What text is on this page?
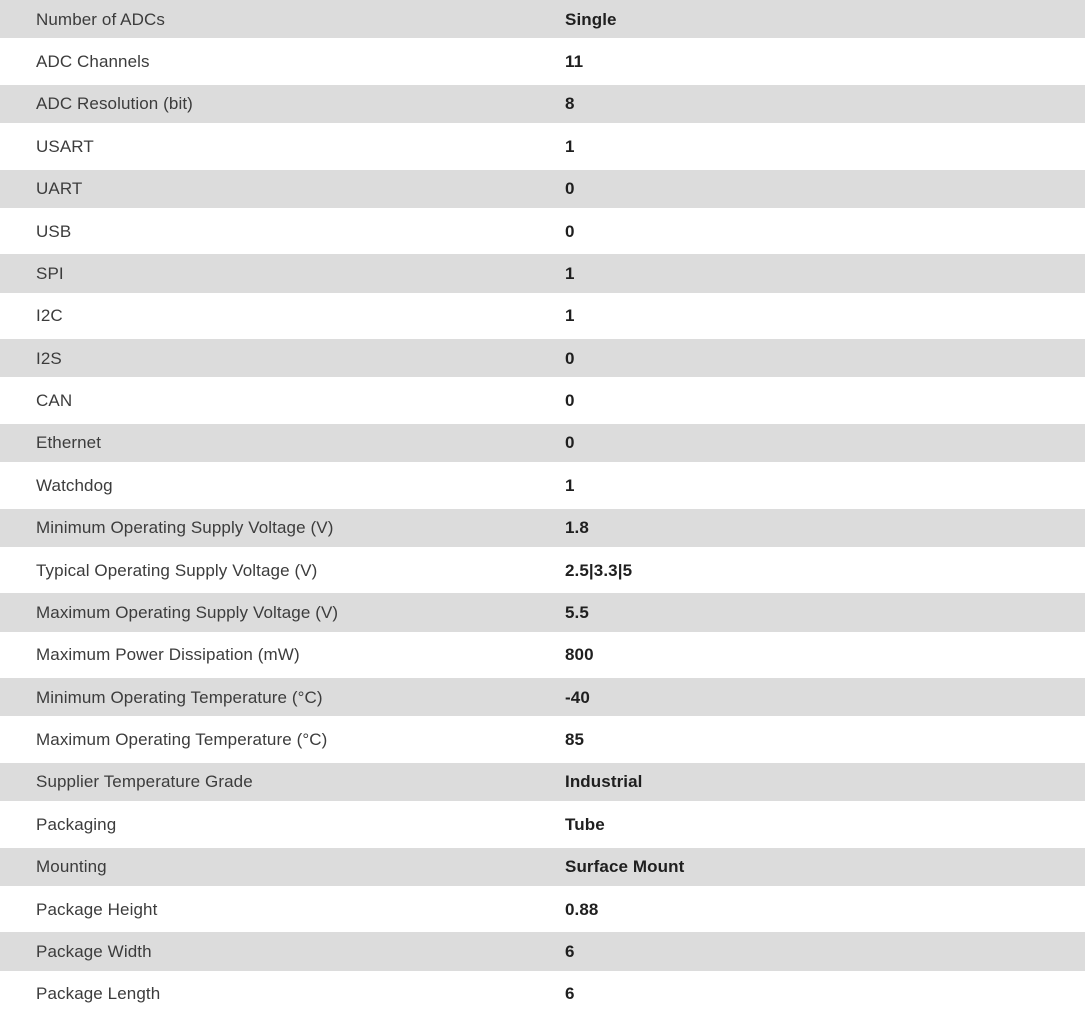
Number of ADCs	Single
ADC Channels	11
ADC Resolution (bit)	8
USART	1
UART	0
USB	0
SPI	1
I2C	1
I2S	0
CAN	0
Ethernet	0
Watchdog	1
Minimum Operating Supply Voltage (V)	1.8
Typical Operating Supply Voltage (V)	2.5|3.3|5
Maximum Operating Supply Voltage (V)	5.5
Maximum Power Dissipation (mW)	800
Minimum Operating Temperature (°C)	-40
Maximum Operating Temperature (°C)	85
Supplier Temperature Grade	Industrial
Packaging	Tube
Mounting	Surface Mount
Package Height	0.88
Package Width	6
Package Length	6
